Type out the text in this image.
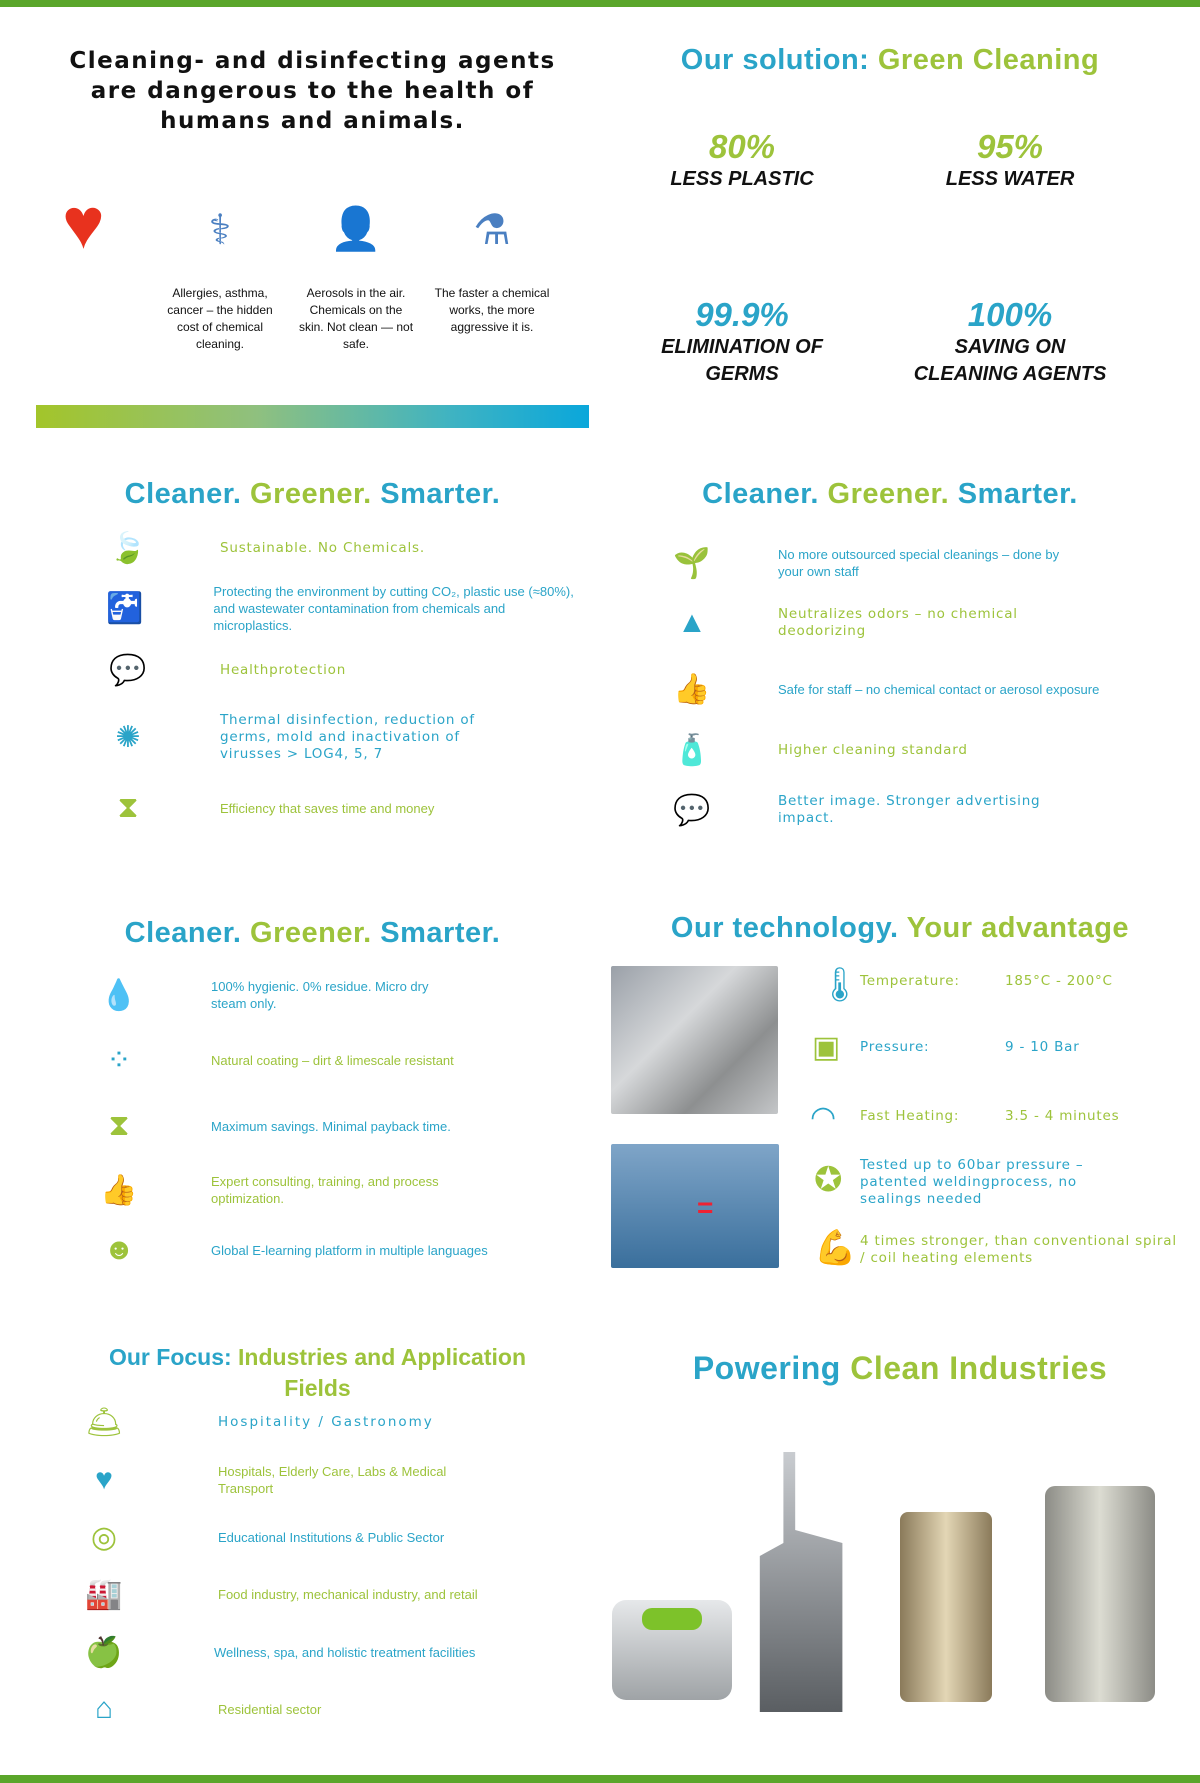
Cleaning- and disinfecting agents are dangerous to the health of humans and animals.
♥	⚕
Allergies, asthma, cancer – the hidden cost of chemical cleaning.
👤
Aerosols in the air. Chemicals on the skin. Not clean — not safe.
⚗
The faster a chemical works, the more aggressive it is.
Our solution: Green Cleaning
80%
LESS PLASTIC
95%
LESS WATER
99.9%
ELIMINATION OF GERMS
100%
SAVING ON CLEANING AGENTS
Cleaner. Greener. Smarter.	Cleaner. Greener. Smarter.
🍃	Sustainable. No Chemicals.
🚰
Protecting the environment by cutting CO₂, plastic use (≈80%), and wastewater contamination from chemicals and microplastics.
💬	Healthprotection
✺
Thermal disinfection, reduction of germs, mold and inactivation of virusses > LOG4, 5, 7
⧗	Efficiency that saves time and money
🌱	No more outsourced special cleanings – done by your own staff
▲	Neutralizes odors – no chemical deodorizing
👍	Safe for staff – no chemical contact or aerosol exposure
🧴	Higher cleaning standard
💬	Better image. Stronger advertising impact.
Cleaner. Greener. Smarter.
💧	100% hygienic. 0% residue. Micro dry steam only.
⁘	Natural coating – dirt & limescale resistant
⧗	Maximum savings. Minimal payback time.
👍	Expert consulting, training, and process optimization.
☻	Global E-learning platform in multiple languages
Our technology. Your advantage
=
🌡
▣
◠
✪
💪
Temperature:	185°C - 200°C
Pressure:	9 - 10 Bar
Fast Heating:	3.5 - 4 minutes
Tested up to 60bar pressure – patented weldingprocess, no sealings needed
4 times stronger, than conventional spiral / coil heating elements
Our Focus: Industries and Application Fields
🛎	Hospitality / Gastronomy
♥	Hospitals, Elderly Care, Labs & Medical Transport
◎	Educational Institutions & Public Sector
🏭	Food industry, mechanical industry, and retail
🍏	Wellness, spa, and holistic treatment facilities
⌂	Residential sector
Powering Clean Industries
